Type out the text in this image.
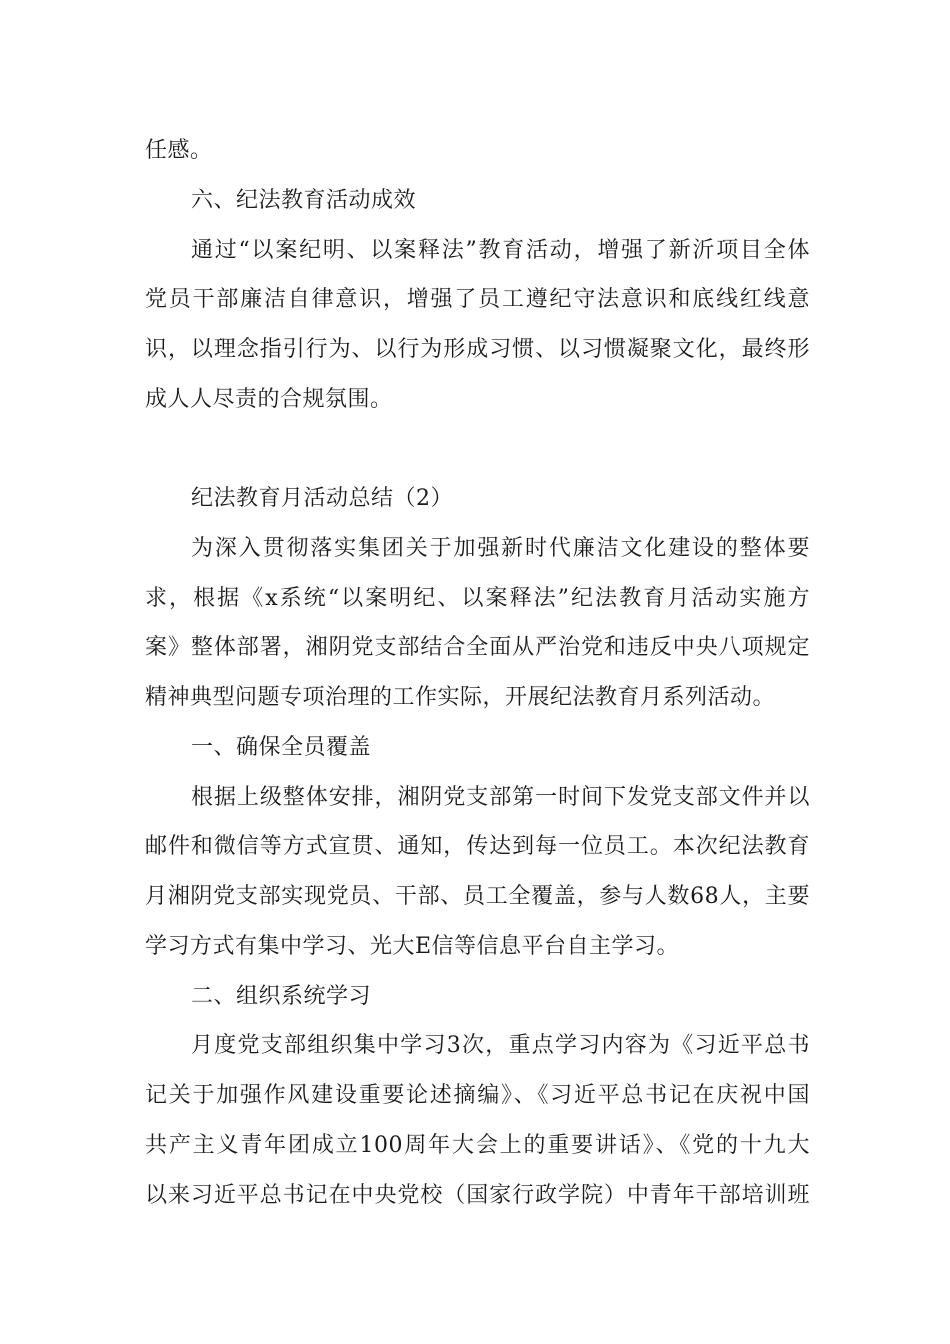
任感。
六、纪法教育活动成效
通过“以案纪明、以案释法”教育活动，增强了新沂项目全体
党员干部廉洁自律意识，增强了员工遵纪守法意识和底线红线意
识，以理念指引行为、以行为形成习惯、以习惯凝聚文化，最终形
成人人尽责的合规氛围。
纪法教育月活动总结（2）
为深入贯彻落实集团关于加强新时代廉洁文化建设的整体要
求，根据《x系统“以案明纪、以案释法”纪法教育月活动实施方
案》整体部署，湘阴党支部结合全面从严治党和违反中央八项规定
精神典型问题专项治理的工作实际，开展纪法教育月系列活动。
一、确保全员覆盖
根据上级整体安排，湘阴党支部第一时间下发党支部文件并以
邮件和微信等方式宣贯、通知，传达到每一位员工。本次纪法教育
月湘阴党支部实现党员、干部、员工全覆盖，参与人数68人，主要
学习方式有集中学习、光大E信等信息平台自主学习。
二、组织系统学习
月度党支部组织集中学习3次，重点学习内容为《习近平总书
记关于加强作风建设重要论述摘编》、《习近平总书记在庆祝中国
共产主义青年团成立100周年大会上的重要讲话》、《党的十九大
以来习近平总书记在中央党校（国家行政学院）中青年干部培训班
